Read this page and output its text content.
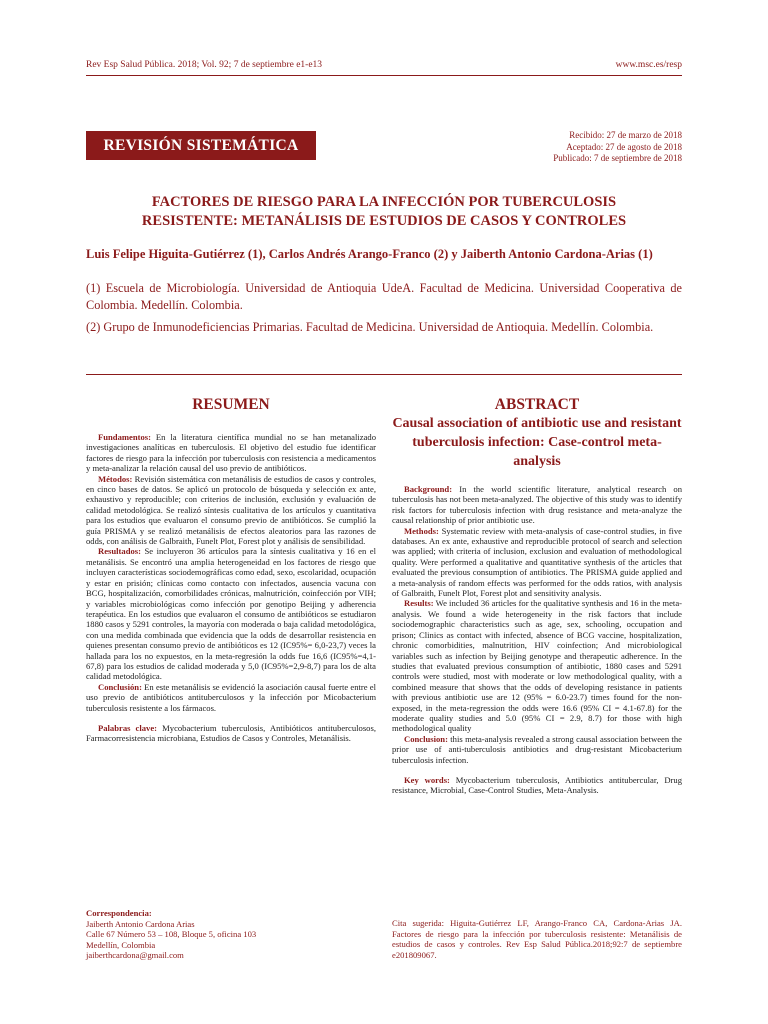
Rev Esp Salud Pública. 2018; Vol. 92; 7 de septiembre e1-e13	www.msc.es/resp
REVISIÓN SISTEMÁTICA
Recibido: 27 de marzo de 2018
Aceptado: 27 de agosto de 2018
Publicado: 7 de septiembre de 2018
FACTORES DE RIESGO PARA LA INFECCIÓN POR TUBERCULOSIS
RESISTENTE: METANÁLISIS DE ESTUDIOS DE CASOS Y CONTROLES
Luis Felipe Higuita-Gutiérrez (1), Carlos Andrés Arango-Franco (2) y Jaiberth Antonio Cardona-Arias (1)
(1) Escuela de Microbiología. Universidad de Antioquia UdeA. Facultad de Medicina. Universidad Cooperativa de Colombia. Medellín. Colombia.
(2) Grupo de Inmunodeficiencias Primarias. Facultad de Medicina. Universidad de Antioquia. Medellín. Colombia.
RESUMEN

Fundamentos: En la literatura científica mundial no se han metanalizado investigaciones analíticas en tuberculosis. El objetivo del estudio fue identificar factores de riesgo para la infección por tuberculosis con resistencia a medicamentos y meta-analizar la relación causal del uso previo de antibióticos.

Métodos: Revisión sistemática con metanálisis de estudios de casos y controles, en cinco bases de datos. Se aplicó un protocolo de búsqueda y selección ex ante, exhaustivo y reproducible; con criterios de inclusión, exclusión y evaluación de calidad metodológica. Se realizó síntesis cualitativa de los artículos y cuantitativa para los estudios que evaluaron el consumo previo de antibióticos. Se cumplió la guía PRISMA y se realizó metanálisis de efectos aleatorios para las razones de odds, con análisis de Galbraith, Funelt Plot, Forest plot y análisis de sensibilidad.

Resultados: Se incluyeron 36 artículos para la síntesis cualitativa y 16 en el metanálisis. Se encontró una amplia heterogeneidad en los factores de riesgo que incluyen características sociodemográficas como edad, sexo, escolaridad, ocupación y estar en prisión; clínicas como contacto con infectados, ausencia vacuna con BCG, hospitalización, comorbilidades crónicas, malnutrición, coinfección por VIH; y variables microbiológicas como infección por genotipo Beijing y adherencia terapéutica. En los estudios que evaluaron el consumo de antibióticos se estudiaron 1880 casos y 5291 controles, la mayoría con moderada o baja calidad metodológica, con una medida combinada que evidencia que la odds de desarrollar resistencia en quienes presentan consumo previo de antibióticos es 12 (IC95%= 6,0-23,7) veces la hallada para los no expuestos, en la meta-regresión la odds fue 16,6 (IC95%=4,1-67,8) para los estudios de calidad moderada y 5,0 (IC95%=2,9-8,7) para los de alta calidad metodológica.

Conclusión: En este metanálisis se evidenció la asociación causal fuerte entre el uso previo de antibióticos antituberculosos y la infección por Micobacterium tuberculosis resistente a los fármacos.

Palabras clave: Mycobacterium tuberculosis, Antibióticos antituberculosos, Farmacorresistencia microbiana, Estudios de Casos y Controles, Metanálisis.

ABSTRACT
Causal association of antibiotic use and resistant tuberculosis infection: Case-control meta-analysis

Background: In the world scientific literature, analytical research on tuberculosis has not been meta-analyzed. The objective of this study was to identify risk factors for tuberculosis infection with drug resistance and meta-analyze the causal relationship of prior antibiotic use.

Methods: Systematic review with meta-analysis of case-control studies, in five databases. An ex ante, exhaustive and reproducible protocol of search and selection was applied; with criteria of inclusion, exclusion and evaluation of methodological quality. Were performed a qualitative and quantitative synthesis of the articles that evaluated the previous consumption of antibiotics. The PRISMA guide applied and a meta-analysis of random effects was performed for the odds ratios, with analysis of Galbraith, Funelt Plot, Forest plot and sensitivity analysis.

Results: We included 36 articles for the qualitative synthesis and 16 in the meta-analysis. We found a wide heterogeneity in the risk factors that include sociodemographic characteristics such as age, sex, schooling, occupation and prison; Clinics as contact with infected, absence of BCG vaccine, hospitalization, chronic comorbidities, malnutrition, HIV coinfection; And microbiological variables such as infection by Beijing genotype and therapeutic adherence. In the studies that evaluated previous consumption of antibiotic, 1880 cases and 5291 controls were studied, most with moderate or low methodological quality, with a combined measure that shows that the odds of developing resistance in patients with previous antibiotic use are 12 (95% = 6.0-23.7) times found for the non-exposed, in the meta-regression the odds were 16.6 (95% CI = 4.1-67.8) for the moderate quality studies and 5.0 (95% CI = 2.9, 8.7) for those with high methodological quality

Conclusion: this meta-analysis revealed a strong causal association between the prior use of anti-tuberculosis antibiotics and drug-resistant Micobacterium tuberculosis infection.

Key words: Mycobacterium tuberculosis, Antibiotics antitubercular, Drug resistance, Microbial, Case-Control Studies, Meta-Analysis.

Correspondencia:
Jaiberth Antonio Cardona Arias
Calle 67 Número 53 – 108, Bloque 5, oficina 103
Medellín, Colombia
jaiberthcardona@gmail.com
Cita sugerida: Higuita-Gutiérrez LF, Arango-Franco CA, Cardona-Arias JA. Factores de riesgo para la infección por tuberculosis resistente: Metanálisis de estudios de casos y controles. Rev Esp Salud Pública.2018;92:7 de septiembre e201809067.
